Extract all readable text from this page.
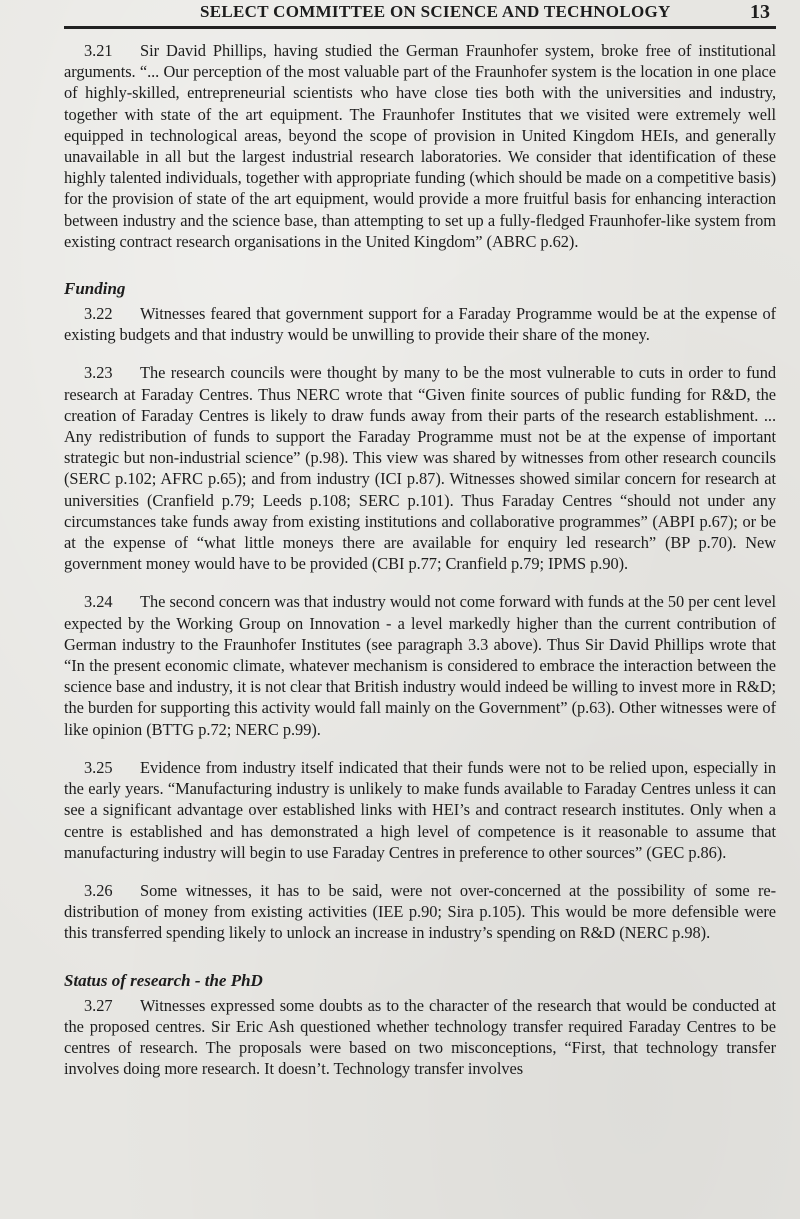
SELECT COMMITTEE ON SCIENCE AND TECHNOLOGY	13

3.21 Sir David Phillips, having studied the German Fraunhofer system, broke free of institutional arguments. “... Our perception of the most valuable part of the Fraunhofer system is the location in one place of highly-skilled, entrepreneurial scientists who have close ties both with the universities and industry, together with state of the art equipment. The Fraunhofer Institutes that we visited were extremely well equipped in technological areas, beyond the scope of provision in United Kingdom HEIs, and generally unavailable in all but the largest industrial research laboratories. We consider that identification of these highly talented individuals, together with appropriate funding (which should be made on a competitive basis) for the provision of state of the art equipment, would provide a more fruitful basis for enhancing interaction between industry and the science base, than attempting to set up a fully-fledged Fraunhofer-like system from existing contract research organisations in the United Kingdom” (ABRC p.62).

Funding

3.22 Witnesses feared that government support for a Faraday Programme would be at the expense of existing budgets and that industry would be unwilling to provide their share of the money.

3.23 The research councils were thought by many to be the most vulnerable to cuts in order to fund research at Faraday Centres. Thus NERC wrote that “Given finite sources of public funding for R&D, the creation of Faraday Centres is likely to draw funds away from their parts of the research establishment. ... Any redistribution of funds to support the Faraday Programme must not be at the expense of important strategic but non-industrial science” (p.98). This view was shared by witnesses from other research councils (SERC p.102; AFRC p.65); and from industry (ICI p.87). Witnesses showed similar concern for research at universities (Cranfield p.79; Leeds p.108; SERC p.101). Thus Faraday Centres “should not under any circumstances take funds away from existing institutions and collaborative programmes” (ABPI p.67); or be at the expense of “what little moneys there are available for enquiry led research” (BP p.70). New government money would have to be provided (CBI p.77; Cranfield p.79; IPMS p.90).

3.24 The second concern was that industry would not come forward with funds at the 50 per cent level expected by the Working Group on Innovation - a level markedly higher than the current contribution of German industry to the Fraunhofer Institutes (see paragraph 3.3 above). Thus Sir David Phillips wrote that “In the present economic climate, whatever mechanism is considered to embrace the interaction between the science base and industry, it is not clear that British industry would indeed be willing to invest more in R&D; the burden for supporting this activity would fall mainly on the Government” (p.63). Other witnesses were of like opinion (BTTG p.72; NERC p.99).

3.25 Evidence from industry itself indicated that their funds were not to be relied upon, especially in the early years. “Manufacturing industry is unlikely to make funds available to Faraday Centres unless it can see a significant advantage over established links with HEI’s and contract research institutes. Only when a centre is established and has demonstrated a high level of competence is it reasonable to assume that manufacturing industry will begin to use Faraday Centres in preference to other sources” (GEC p.86).

3.26 Some witnesses, it has to be said, were not over-concerned at the possibility of some re-distribution of money from existing activities (IEE p.90; Sira p.105). This would be more defensible were this transferred spending likely to unlock an increase in industry’s spending on R&D (NERC p.98).

Status of research - the PhD

3.27 Witnesses expressed some doubts as to the character of the research that would be conducted at the proposed centres. Sir Eric Ash questioned whether technology transfer required Faraday Centres to be centres of research. The proposals were based on two misconceptions, “First, that technology transfer involves doing more research. It doesn’t. Technology transfer involves
